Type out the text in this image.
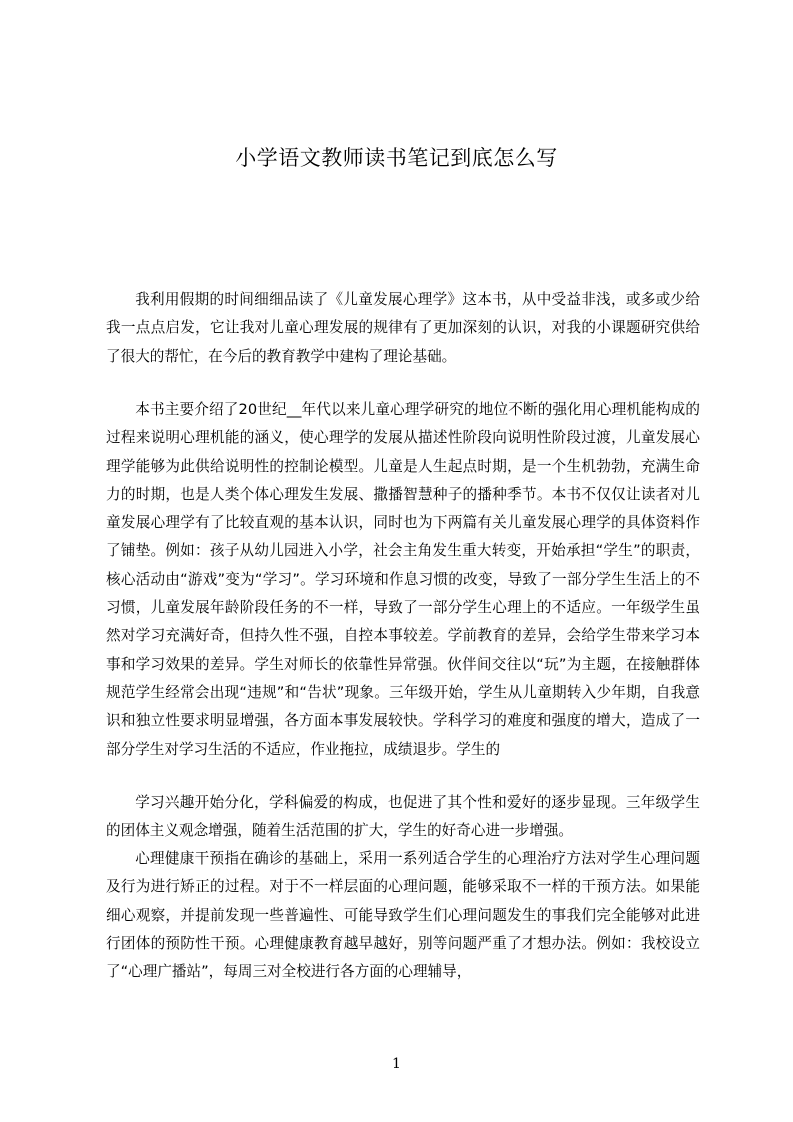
小学语文教师读书笔记到底怎么写

我利用假期的时间细细品读了《儿童发展心理学》这本书，从中受益非浅，或多或少给我一点点启发，它让我对儿童心理发展的规律有了更加深刻的认识，对我的小课题研究供给了很大的帮忙，在今后的教育教学中建构了理论基础。

本书主要介绍了20世纪__年代以来儿童心理学研究的地位不断的强化用心理机能构成的过程来说明心理机能的涵义，使心理学的发展从描述性阶段向说明性阶段过渡，儿童发展心理学能够为此供给说明性的控制论模型。儿童是人生起点时期，是一个生机勃勃，充满生命力的时期，也是人类个体心理发生发展、撒播智慧种子的播种季节。本书不仅仅让读者对儿童发展心理学有了比较直观的基本认识，同时也为下两篇有关儿童发展心理学的具体资料作了铺垫。例如：孩子从幼儿园进入小学，社会主角发生重大转变，开始承担“学生”的职责，核心活动由“游戏”变为“学习”。学习环境和作息习惯的改变，导致了一部分学生生活上的不习惯，儿童发展年龄阶段任务的不一样，导致了一部分学生心理上的不适应。一年级学生虽然对学习充满好奇，但持久性不强，自控本事较差。学前教育的差异，会给学生带来学习本事和学习效果的差异。学生对师长的依靠性异常强。伙伴间交往以“玩”为主题，在接触群体规范学生经常会出现“违规”和“告状”现象。三年级开始，学生从儿童期转入少年期，自我意识和独立性要求明显增强，各方面本事发展较快。学科学习的难度和强度的增大，造成了一部分学生对学习生活的不适应，作业拖拉，成绩退步。学生的

学习兴趣开始分化，学科偏爱的构成，也促进了其个性和爱好的逐步显现。三年级学生的团体主义观念增强，随着生活范围的扩大，学生的好奇心进一步增强。

心理健康干预指在确诊的基础上，采用一系列适合学生的心理治疗方法对学生心理问题及行为进行矫正的过程。对于不一样层面的心理问题，能够采取不一样的干预方法。如果能细心观察，并提前发现一些普遍性、可能导致学生们心理问题发生的事我们完全能够对此进行团体的预防性干预。心理健康教育越早越好，别等问题严重了才想办法。例如：我校设立了“心理广播站”，每周三对全校进行各方面的心理辅导，

1
